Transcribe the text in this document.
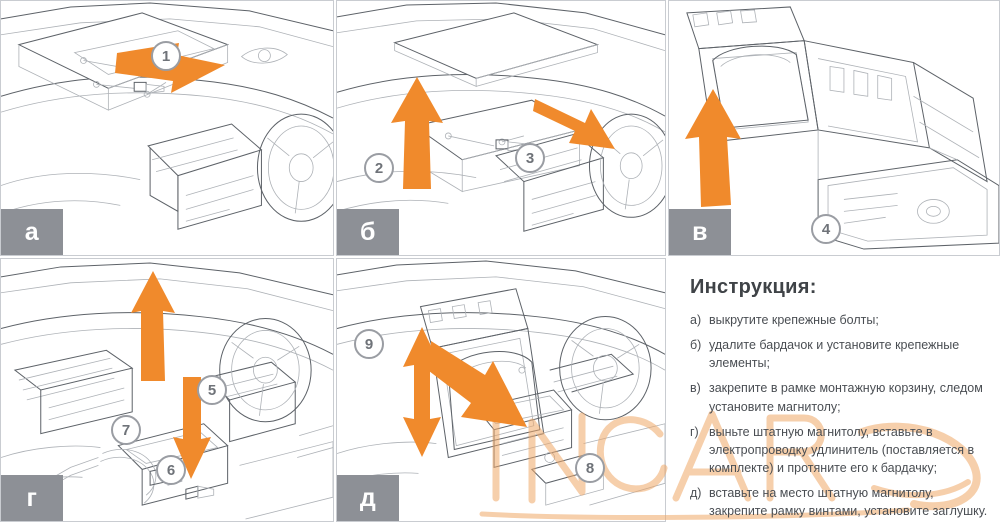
1
а
2
3
б	4
в
5
6
7
г
9
8
д
Инструкция:
а) выкрутите крепежные болты;
б) удалите бардачок и установите крепежные элементы;
в) закрепите в рамке монтажную корзину, следом установите магнитолу;
г) выньте штатную магнитолу, вставьте в электропроводку удлинитель (поставляется в комплекте) и протяните его к бардачку;
д) вставьте на место штатную магнитолу, закрепите рамку винтами, установите заглушку.
